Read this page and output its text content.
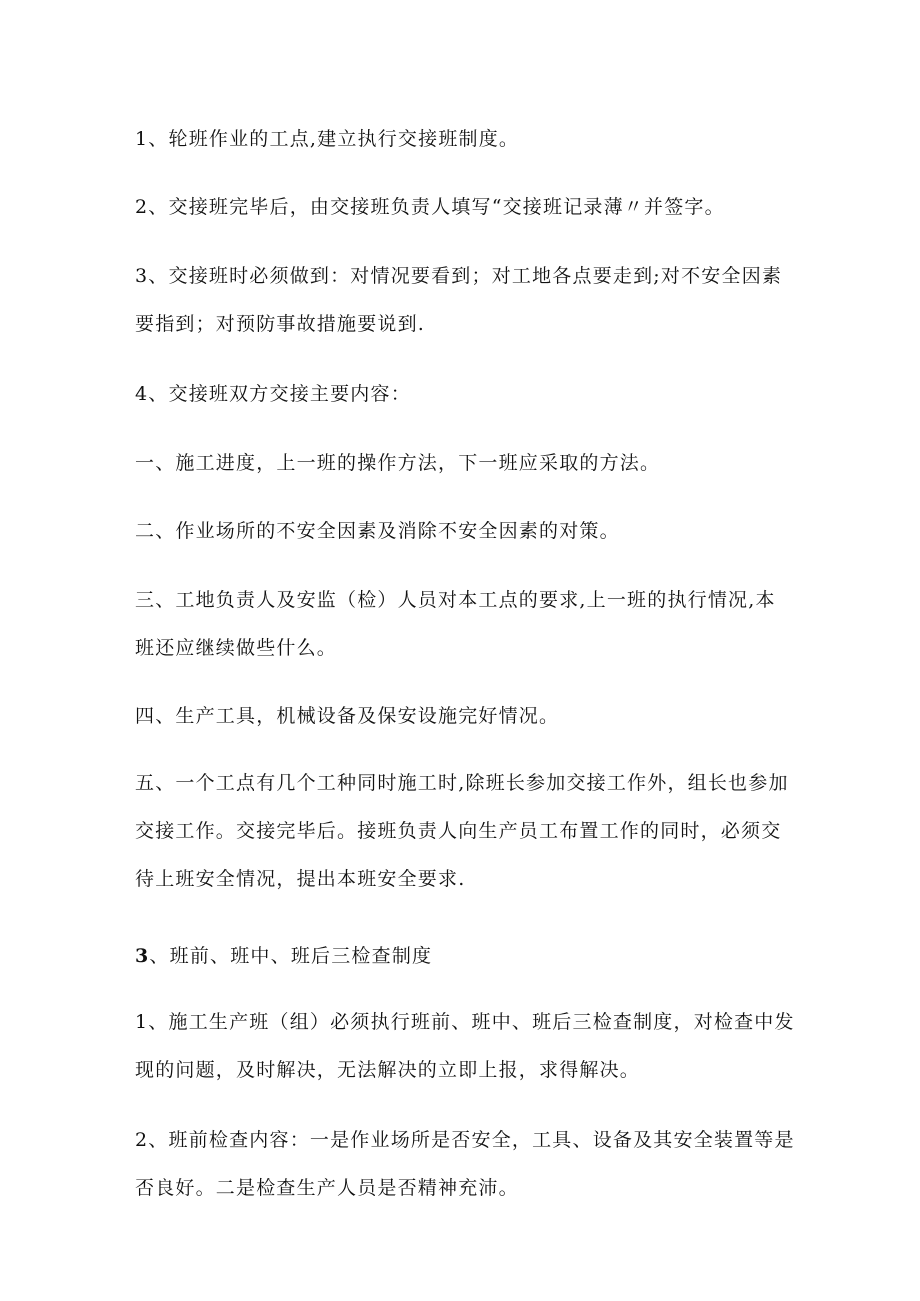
1、轮班作业的工点,建立执行交接班制度。

2、交接班完毕后，由交接班负责人填写“交接班记录薄〃并签字。

3、交接班时必须做到：对情况要看到；对工地各点要走到;对不安全因素
要指到；对预防事故措施要说到.

4、交接班双方交接主要内容：

一、施工进度，上一班的操作方法，下一班应采取的方法。

二、作业场所的不安全因素及消除不安全因素的对策。

三、工地负责人及安监（检）人员对本工点的要求,上一班的执行情况,本
班还应继续做些什么。

四、生产工具，机械设备及保安设施完好情况。

五、一个工点有几个工种同时施工时,除班长参加交接工作外，组长也参加
交接工作。交接完毕后。接班负责人向生产员工布置工作的同时，必须交
待上班安全情况，提出本班安全要求.

3、班前、班中、班后三检查制度

1、施工生产班（组）必须执行班前、班中、班后三检查制度，对检查中发
现的问题，及时解决，无法解决的立即上报，求得解决。

2、班前检查内容：一是作业场所是否安全，工具、设备及其安全装置等是
否良好。二是检查生产人员是否精神充沛。
